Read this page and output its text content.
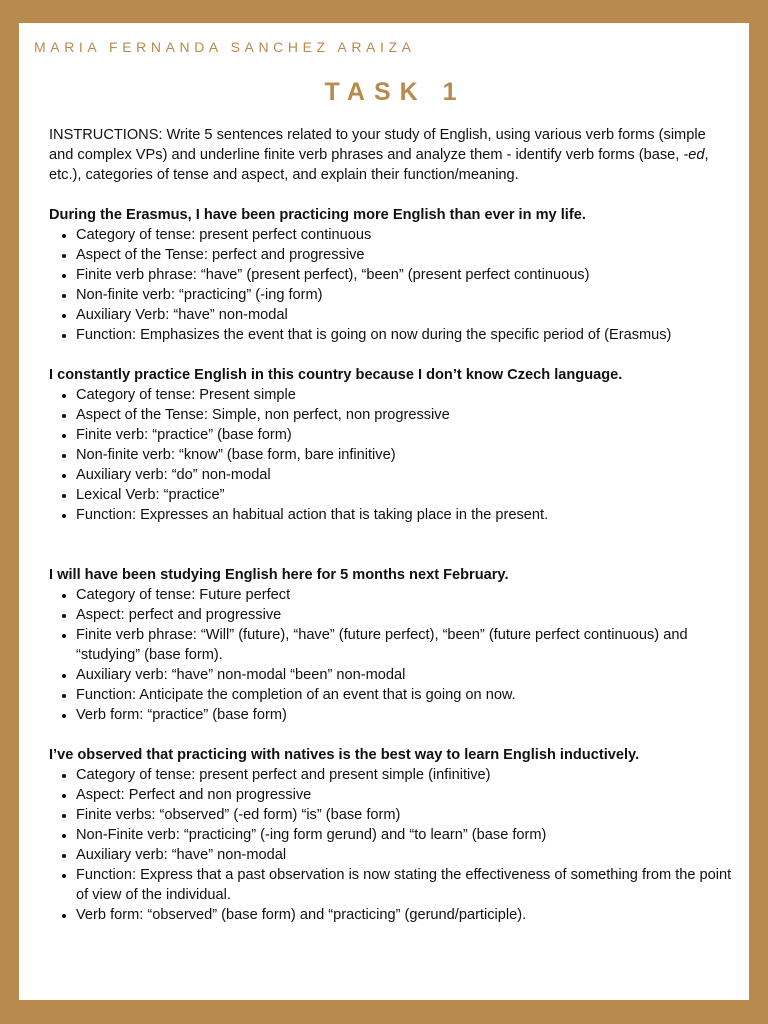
MARIA FERNANDA SANCHEZ ARAIZA
TASK 1

INSTRUCTIONS: Write 5 sentences related to your study of English, using various verb forms (simple and complex VPs) and underline finite verb phrases and analyze them - identify verb forms (base, -ed, etc.), categories of tense and aspect, and explain their function/meaning.

During the Erasmus, I have been practicing more English than ever in my life.

• Category of tense: present perfect continuous
• Aspect of the Tense: perfect and progressive
• Finite verb phrase: “have” (present perfect), “been” (present perfect continuous)
• Non-finite verb: “practicing” (-ing form)
• Auxiliary Verb: “have” non-modal
• Function: Emphasizes the event that is going on now during the specific period of (Erasmus)

I constantly practice English in this country because I don’t know Czech language.

• Category of tense: Present simple
• Aspect of the Tense: Simple, non perfect, non progressive
• Finite verb: “practice” (base form)
• Non-finite verb: “know” (base form, bare infinitive)
• Auxiliary verb: “do” non-modal
• Lexical Verb: “practice”
• Function: Expresses an habitual action that is taking place in the present.

I will have been studying English here for 5 months next February.

• Category of tense: Future perfect
• Aspect: perfect and progressive
• Finite verb phrase: “Will” (future), “have” (future perfect), “been” (future perfect continuous) and “studying” (base form).
• Auxiliary verb: “have” non-modal “been” non-modal
• Function: Anticipate the completion of an event that is going on now.
• Verb form: “practice” (base form)

I’ve observed that practicing with natives is the best way to learn English inductively.

• Category of tense: present perfect and present simple (infinitive)
• Aspect: Perfect and non progressive
• Finite verbs: “observed” (-ed form) “is” (base form)
• Non-Finite verb: “practicing” (-ing form gerund) and “to learn” (base form)
• Auxiliary verb: “have” non-modal
• Function: Express that a past observation is now stating the effectiveness of something from the point of view of the individual.
• Verb form: “observed” (base form) and “practicing” (gerund/participle).
